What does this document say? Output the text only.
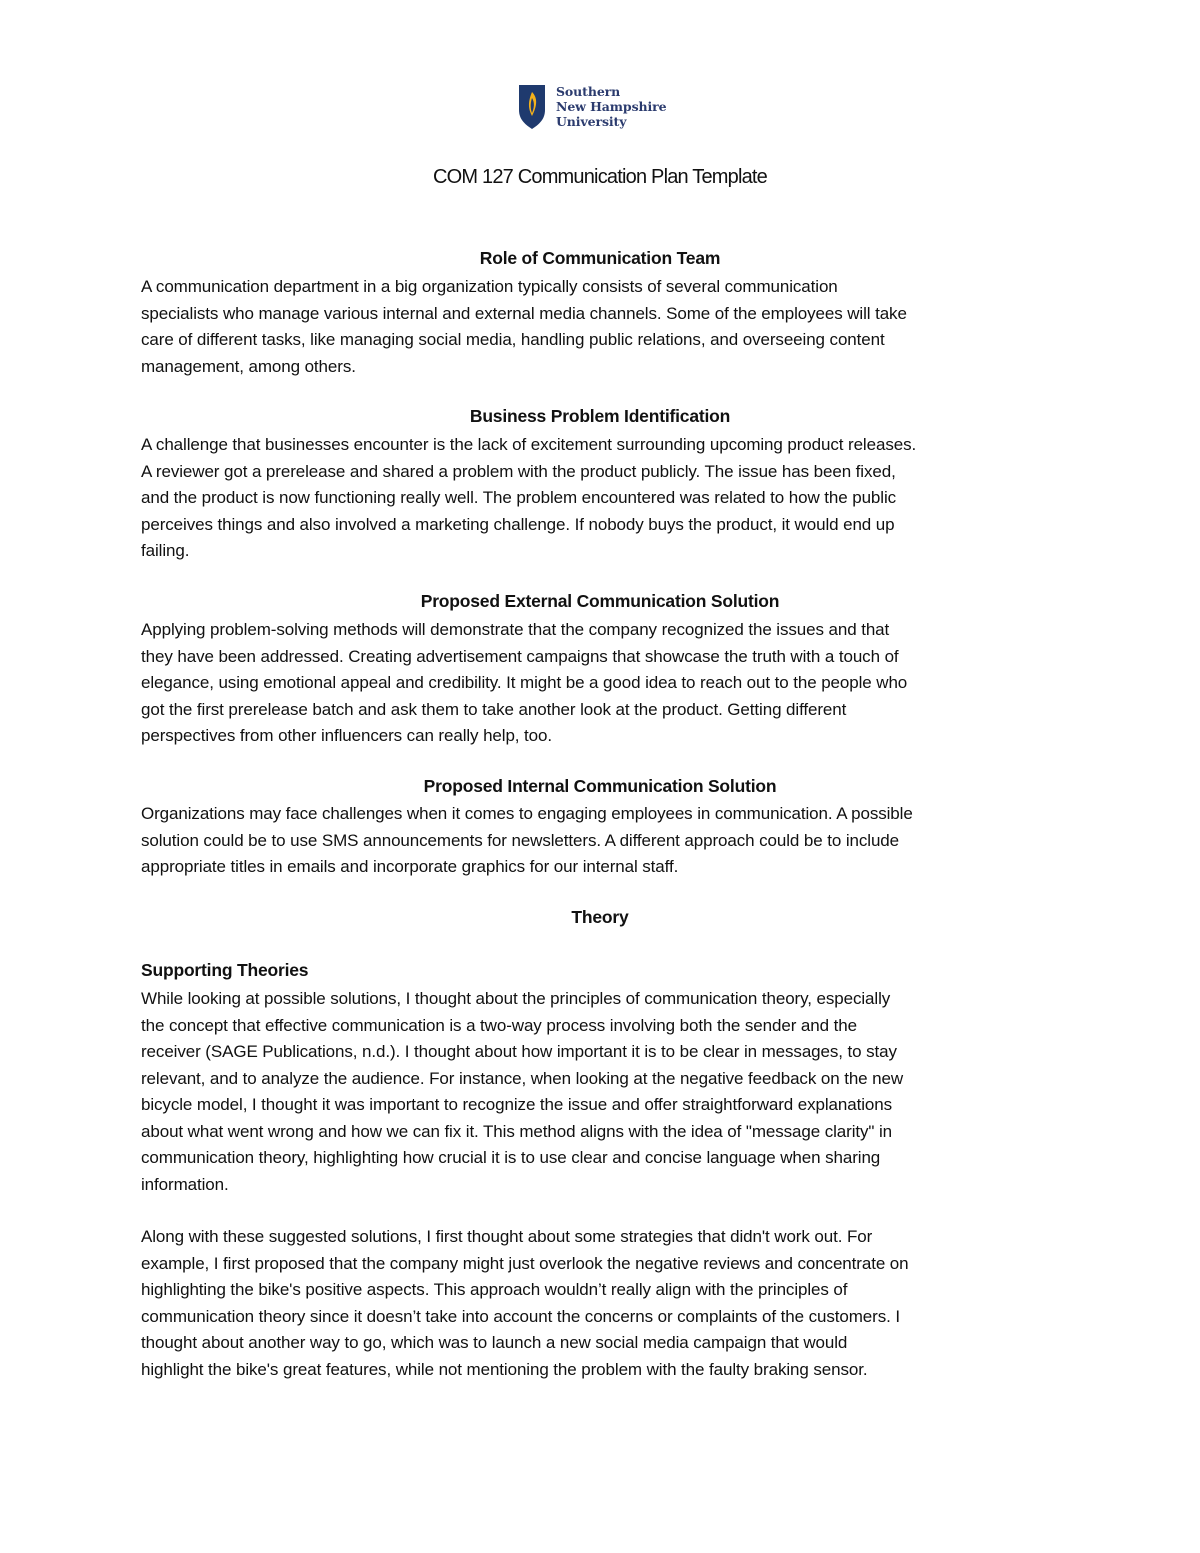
Southern
New Hampshire
University
COM 127 Communication Plan Template
Role of Communication Team

A communication department in a big organization typically consists of several communication
specialists who manage various internal and external media channels. Some of the employees will take
care of different tasks, like managing social media, handling public relations, and overseeing content
management, among others.

Business Problem Identification

A challenge that businesses encounter is the lack of excitement surrounding upcoming product releases.
A reviewer got a prerelease and shared a problem with the product publicly. The issue has been fixed,
and the product is now functioning really well. The problem encountered was related to how the public
perceives things and also involved a marketing challenge. If nobody buys the product, it would end up
failing.

Proposed External Communication Solution

Applying problem-solving methods will demonstrate that the company recognized the issues and that
they have been addressed. Creating advertisement campaigns that showcase the truth with a touch of
elegance, using emotional appeal and credibility. It might be a good idea to reach out to the people who
got the first prerelease batch and ask them to take another look at the product. Getting different
perspectives from other influencers can really help, too.

Proposed Internal Communication Solution

Organizations may face challenges when it comes to engaging employees in communication. A possible
solution could be to use SMS announcements for newsletters. A different approach could be to include
appropriate titles in emails and incorporate graphics for our internal staff.

Theory
Supporting Theories

While looking at possible solutions, I thought about the principles of communication theory, especially
the concept that effective communication is a two-way process involving both the sender and the
receiver (SAGE Publications, n.d.). I thought about how important it is to be clear in messages, to stay
relevant, and to analyze the audience. For instance, when looking at the negative feedback on the new
bicycle model, I thought it was important to recognize the issue and offer straightforward explanations
about what went wrong and how we can fix it. This method aligns with the idea of "message clarity" in
communication theory, highlighting how crucial it is to use clear and concise language when sharing
information.

Along with these suggested solutions, I first thought about some strategies that didn't work out. For
example, I first proposed that the company might just overlook the negative reviews and concentrate on
highlighting the bike's positive aspects. This approach wouldn’t really align with the principles of
communication theory since it doesn’t take into account the concerns or complaints of the customers. I
thought about another way to go, which was to launch a new social media campaign that would
highlight the bike's great features, while not mentioning the problem with the faulty braking sensor.
